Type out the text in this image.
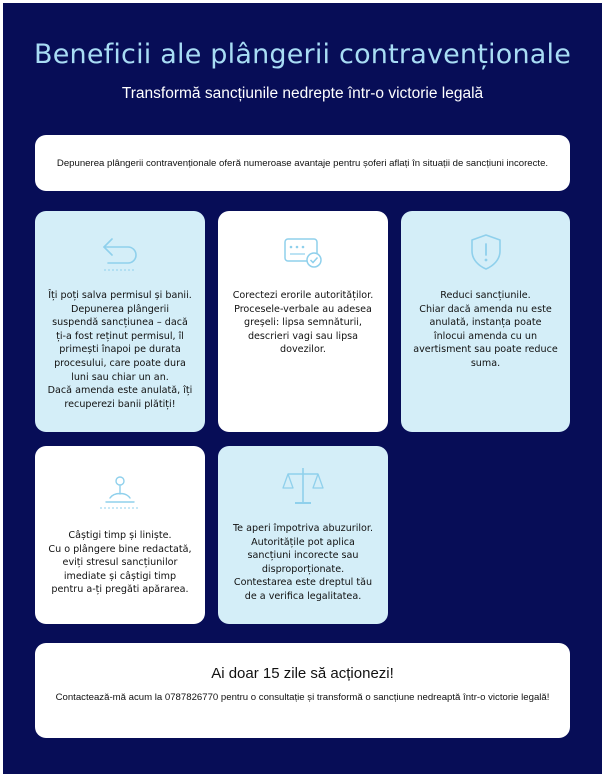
Beneficii ale plângerii contravenționale
Transformă sancțiunile nedrepte într-o victorie legală
Depunerea plângerii contravenționale oferă numeroase avantaje pentru șoferi aflați în situații de sancțiuni incorecte.
Îți poți salva permisul și banii. Depunerea plângerii suspendă sancțiunea – dacă ți-a fost reținut permisul, îl primești înapoi pe durata procesului, care poate dura luni sau chiar un an.
Dacă amenda este anulată, îți recuperezi banii plătiți!
Corectezi erorile autorităților. Procesele-verbale au adesea greșeli: lipsa semnăturii, descrieri vagi sau lipsa dovezilor.
Reduci sancțiunile.
Chiar dacă amenda nu este anulată, instanța poate înlocui amenda cu un avertisment sau poate reduce suma.
Câștigi timp și liniște.
Cu o plângere bine redactată, eviți stresul sancțiunilor imediate și câștigi timp pentru a-ți pregăti apărarea.
Te aperi împotriva abuzurilor.
Autoritățile pot aplica sancțiuni incorecte sau disproporționate.
Contestarea este dreptul tău de a verifica legalitatea.
Ai doar 15 zile să acționezi!
Contactează-mă acum la 0787826770 pentru o consultație și transformă o sancțiune nedreaptă într-o victorie legală!
